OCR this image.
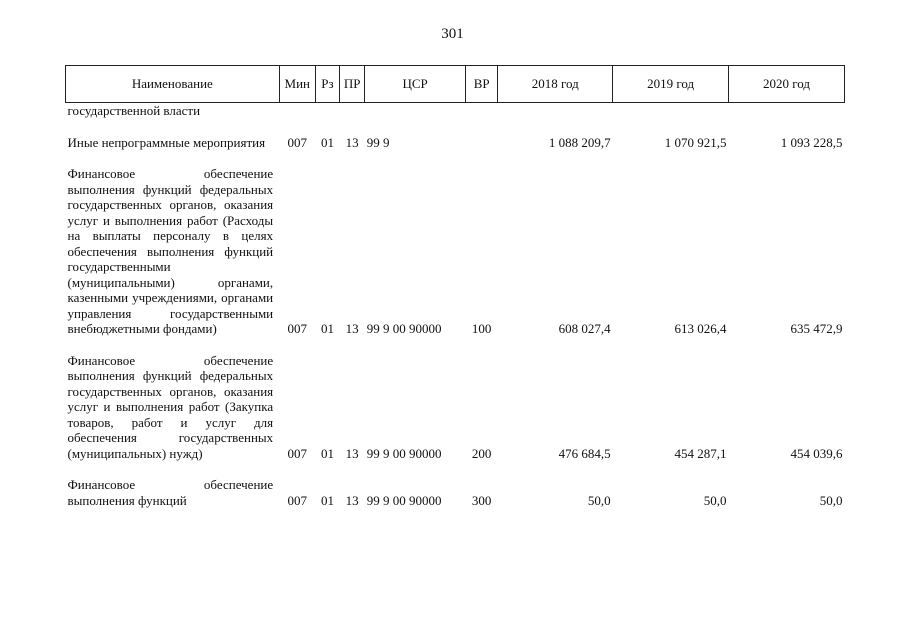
301
Наименование	Мин	Рз	ПР	ЦСР	ВР	2018 год	2019 год	2020 год
государственной власти								

Иные непрограммные мероприятия	007	01	13	99 9		1 088 209,7	1 070 921,5	1 093 228,5

Финансовое обеспечение выполнения функций федеральных государственных органов, оказания услуг и выполнения работ (Расходы на выплаты персоналу в целях обеспечения выполнения функций государственными (муниципальными) органами, казенными учреждениями, органами управления государственными внебюджетными фондами)	007	01	13	99 9 00 90000	100	608 027,4	613 026,4	635 472,9

Финансовое обеспечение выполнения функций федеральных государственных органов, оказания услуг и выполнения работ (Закупка товаров, работ и услуг для обеспечения государственных (муниципальных) нужд)	007	01	13	99 9 00 90000	200	476 684,5	454 287,1	454 039,6

Финансовое обеспечение выполнения функций	007	01	13	99 9 00 90000	300	50,0	50,0	50,0
